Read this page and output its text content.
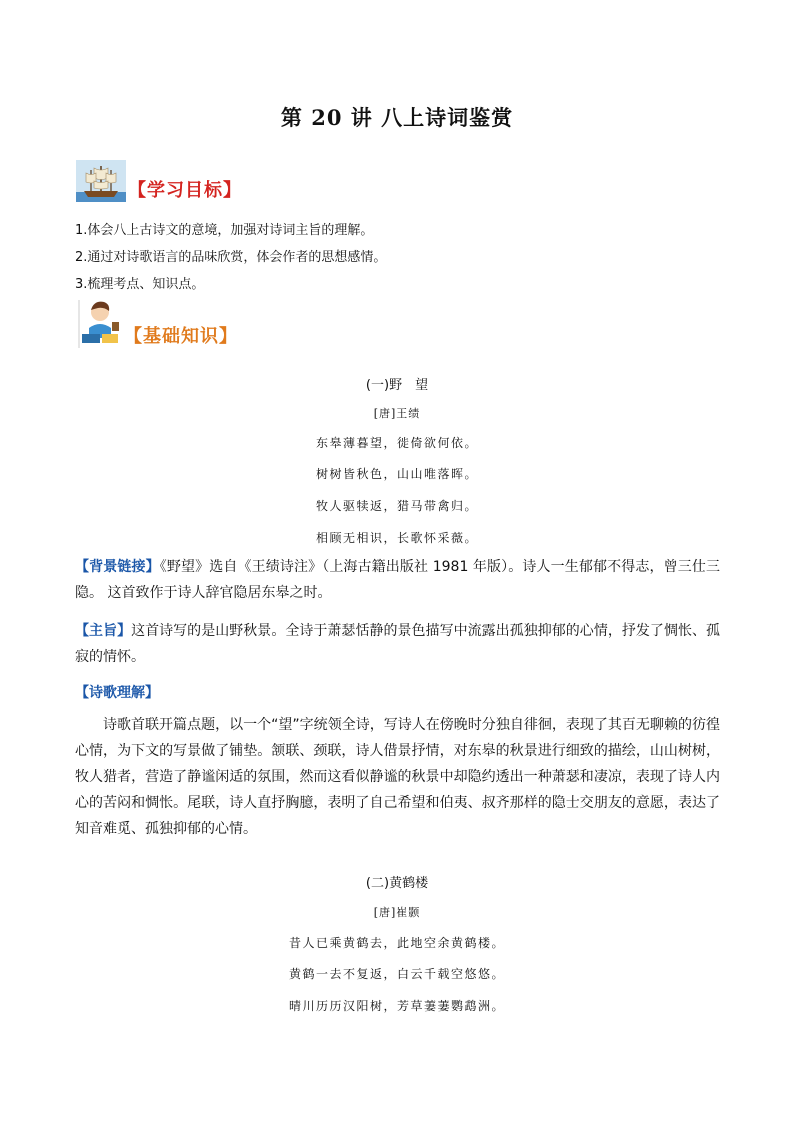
第 20 讲 八上诗词鉴赏
【学习目标】
1.体会八上古诗文的意境，加强对诗词主旨的理解。
2.通过对诗歌语言的品味欣赏，体会作者的思想感情。
3.梳理考点、知识点。
【基础知识】
(一)野　望
[唐]王绩
东皋薄暮望，徙倚欲何依。
树树皆秋色，山山唯落晖。
牧人驱犊返，猎马带禽归。
相顾无相识，长歌怀采薇。
【背景链接】《野望》选自《王绩诗注》（上海古籍出版社 1981 年版）。诗人一生郁郁不得志，曾三仕三隐。 这首致作于诗人辞官隐居东皋之时。
【主旨】这首诗写的是山野秋景。全诗于萧瑟恬静的景色描写中流露出孤独抑郁的心情，抒发了惆怅、孤寂的情怀。
【诗歌理解】
诗歌首联开篇点题，以一个“望”字统领全诗，写诗人在傍晚时分独自徘徊，表现了其百无聊赖的彷徨心情，为下文的写景做了铺垫。颔联、颈联，诗人借景抒情，对东皋的秋景进行细致的描绘，山山树树，牧人猎者，营造了静谧闲适的氛围，然而这看似静谧的秋景中却隐约透出一种萧瑟和凄凉，表现了诗人内心的苦闷和惆怅。尾联，诗人直抒胸臆，表明了自己希望和伯夷、叔齐那样的隐士交朋友的意愿，表达了知音难觅、孤独抑郁的心情。
(二)黄鹤楼
[唐]崔颢
昔人已乘黄鹤去，此地空余黄鹤楼。
黄鹤一去不复返，白云千载空悠悠。
晴川历历汉阳树，芳草萋萋鹦鹉洲。
